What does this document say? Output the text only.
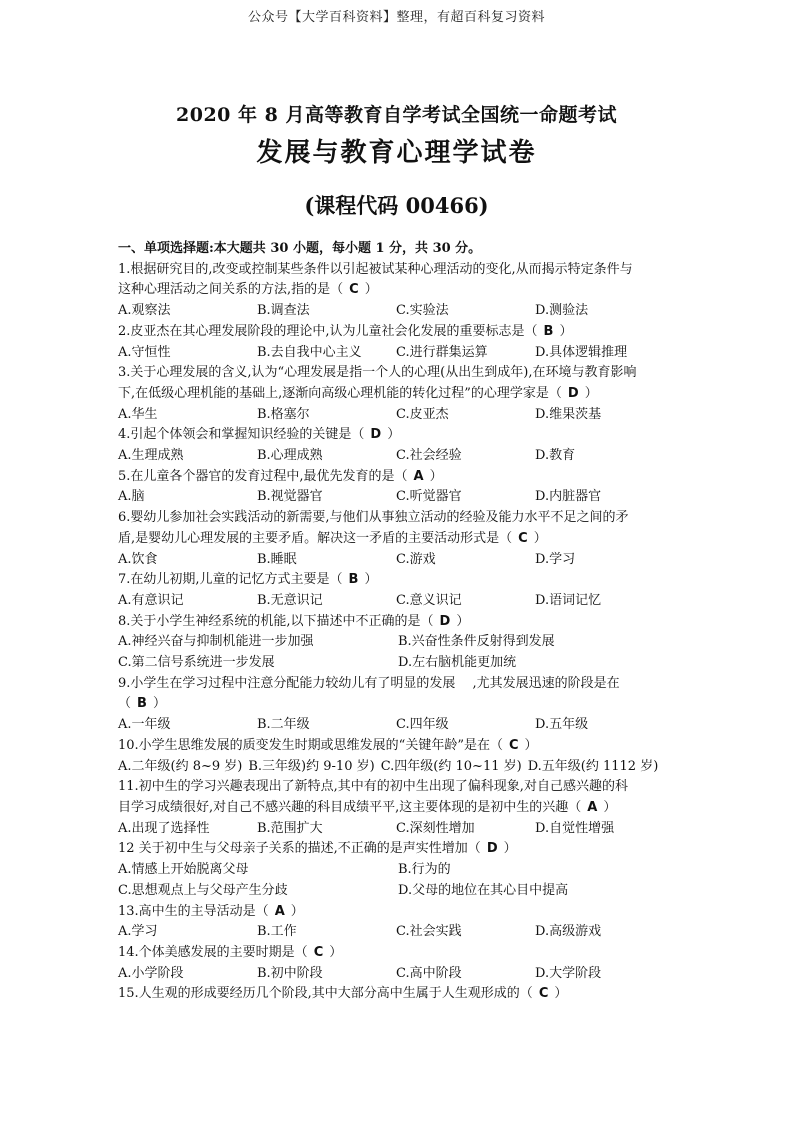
公众号【大学百科资料】整理，有超百科复习资料
2020 年 8 月高等教育自学考试全国统一命题考试
发展与教育心理学试卷
(课程代码 00466)
一、单项选择题:本大题共 30 小题，每小题 1 分，共 30 分。
1.根据研究目的,改变或控制某些条件以引起被试某种心理活动的变化,从而揭示特定条件与
这种心理活动之间关系的方法,指的是（ C ）
A.观察法	B.调查法	C.实验法	D.测验法
2.皮亚杰在其心理发展阶段的理论中,认为儿童社会化发展的重要标志是（ B ）
A.守恒性	B.去自我中心主义	C.进行群集运算	D.具体逻辑推理
3.关于心理发展的含义,认为“心理发展是指一个人的心理(从出生到成年),在环境与教育影响
下,在低级心理机能的基础上,逐渐向高级心理机能的转化过程”的心理学家是（ D ）
A.华生	B.格塞尔	C.皮亚杰	D.维果茨基
4.引起个体领会和掌握知识经验的关键是（ D ）
A.生理成熟	B.心理成熟	C.社会经验	D.教育
5.在儿童各个器官的发育过程中,最优先发育的是（ A ）
A.脑	B.视觉器官	C.听觉器官	D.内脏器官
6.婴幼儿参加社会实践活动的新需要,与他们从事独立活动的经验及能力水平不足之间的矛
盾,是婴幼儿心理发展的主要矛盾。解决这一矛盾的主要活动形式是（ C ）
A.饮食	B.睡眠	C.游戏	D.学习
7.在幼儿初期,儿童的记忆方式主要是（ B ）
A.有意识记	B.无意识记	C.意义识记	D.语词记忆
8.关于小学生神经系统的机能,以下描述中不正确的是（ D ）
A.神经兴奋与抑制机能进一步加强	B.兴奋性条件反射得到发展
C.第二信号系统进一步发展	D.左右脑机能更加统
9.小学生在学习过程中注意分配能力较幼儿有了明显的发展　 ,尤其发展迅速的阶段是在
（ B ）
A.一年级	B.二年级	C.四年级	D.五年级
10.小学生思维发展的质变发生时期或思维发展的“关键年龄”是在（ C ）
A.二年级(约 8~9 岁) B.三年级)约 9-10 岁) C.四年级(约 10~11 岁) D.五年级(约 1112 岁)
11.初中生的学习兴趣表现出了新特点,其中有的初中生出现了偏科现象,对自己感兴趣的科
目学习成绩很好,对自己不感兴趣的科目成绩平平,这主要体现的是初中生的兴趣（ A ）
A.出现了选择性	B.范围扩大	C.深刻性增加	D.自觉性增强
12 关于初中生与父母亲子关系的描述,不正确的是声实性增加（ D ）
A.情感上开始脱离父母	B.行为的
C.思想观点上与父母产生分歧	D.父母的地位在其心目中提高
13.高中生的主导活动是（ A ）
A.学习	B.工作	C.社会实践	D.高级游戏
14.个体美感发展的主要时期是（ C ）
A.小学阶段	B.初中阶段	C.高中阶段	D.大学阶段
15.人生观的形成要经历几个阶段,其中大部分高中生属于人生观形成的（ C ）
